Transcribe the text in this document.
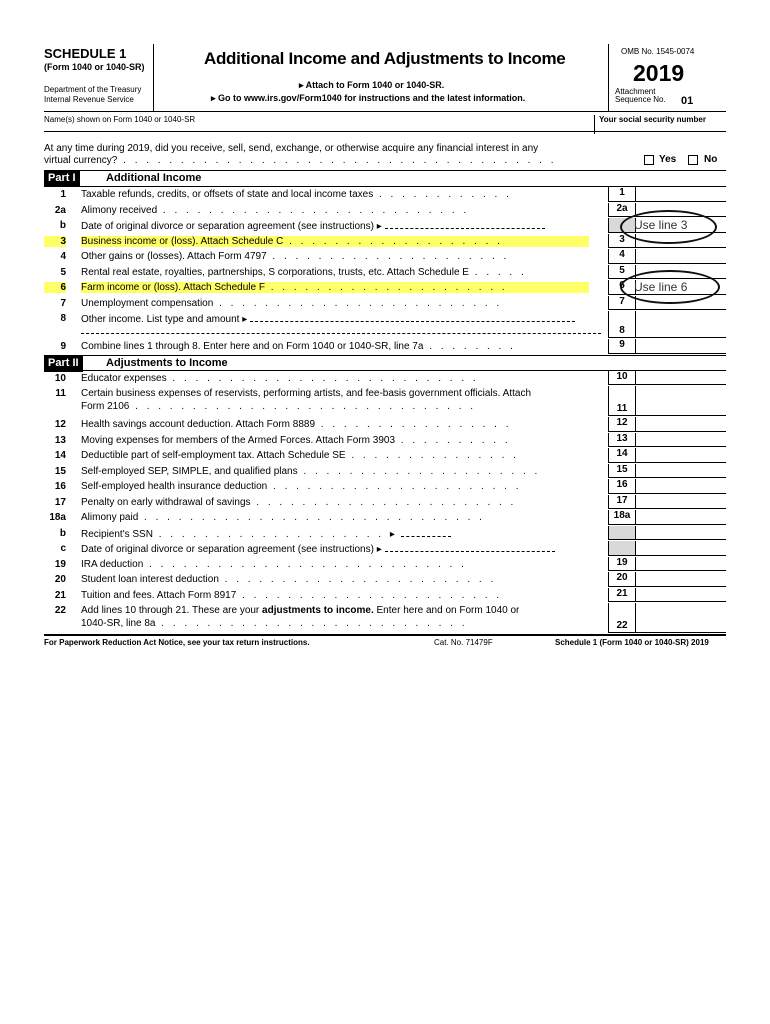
SCHEDULE 1
(Form 1040 or 1040-SR)
Department of the Treasury
Internal Revenue Service
Additional Income and Adjustments to Income
▸ Attach to Form 1040 or 1040-SR.
▸ Go to www.irs.gov/Form1040 for instructions and the latest information.
OMB No. 1545-0074
2019
Attachment
Sequence No. 01
Name(s) shown on Form 1040 or 1040-SR	Your social security number
At any time during 2019, did you receive, sell, send, exchange, or otherwise acquire any financial interest in any
virtual currency? . . . . . . . . . . . . . . . . . . . . . . . . . . . . . . . . . . . . . .	Yes	No
Part I	Additional Income
1 Taxable refunds, credits, or offsets of state and local income taxes . . . . . . . . . . . .	1
2a Alimony received . . . . . . . . . . . . . . . . . . . . . . . . . . .	2a
b Date of original divorce or separation agreement (see instructions) ▸
3 Business income or (loss). Attach Schedule C . . . . . . . . . . . . . . . . . . .	3
4 Other gains or (losses). Attach Form 4797 . . . . . . . . . . . . . . . . . . . . .	4
5 Rental real estate, royalties, partnerships, S corporations, trusts, etc. Attach Schedule E . . . . .	5
6 Farm income or (loss). Attach Schedule F . . . . . . . . . . . . . . . . . . . . .	6
7 Unemployment compensation . . . . . . . . . . . . . . . . . . . . . . . . .	7
8 Other income. List type and amount ▸
8
9 Combine lines 1 through 8. Enter here and on Form 1040 or 1040-SR, line 7a . . . . . . . .	9
Part II	Adjustments to Income
10 Educator expenses . . . . . . . . . . . . . . . . . . . . . . . . . . .	10
11 Certain business expenses of reservists, performing artists, and fee-basis government officials. Attach
Form 2106 . . . . . . . . . . . . . . . . . . . . . . . . . . . . . .	11
12 Health savings account deduction. Attach Form 8889 . . . . . . . . . . . . . . . . .	12
13 Moving expenses for members of the Armed Forces. Attach Form 3903 . . . . . . . . . .	13
14 Deductible part of self-employment tax. Attach Schedule SE . . . . . . . . . . . . . . .	14
15 Self-employed SEP, SIMPLE, and qualified plans . . . . . . . . . . . . . . . . . . . . .	15
16 Self-employed health insurance deduction . . . . . . . . . . . . . . . . . . . . . .	16
17 Penalty on early withdrawal of savings . . . . . . . . . . . . . . . . . . . . . . .	17
18a Alimony paid . . . . . . . . . . . . . . . . . . . . . . . . . . . . . .	18a
b Recipient's SSN . . . . . . . . . . . . . . . . . . . . ▸
c Date of original divorce or separation agreement (see instructions) ▸
19 IRA deduction . . . . . . . . . . . . . . . . . . . . . . . . . . . .	19
20 Student loan interest deduction . . . . . . . . . . . . . . . . . . . . . . . .	20
21 Tuition and fees. Attach Form 8917 . . . . . . . . . . . . . . . . . . . . . . .	21
22 Add lines 10 through 21. These are your adjustments to income. Enter here and on Form 1040 or
1040-SR, line 8a . . . . . . . . . . . . . . . . . . . . . . . . . . .	22
For Paperwork Reduction Act Notice, see your tax return instructions.	Cat. No. 71479F	Schedule 1 (Form 1040 or 1040-SR) 2019
Use line 3
Use line 6
